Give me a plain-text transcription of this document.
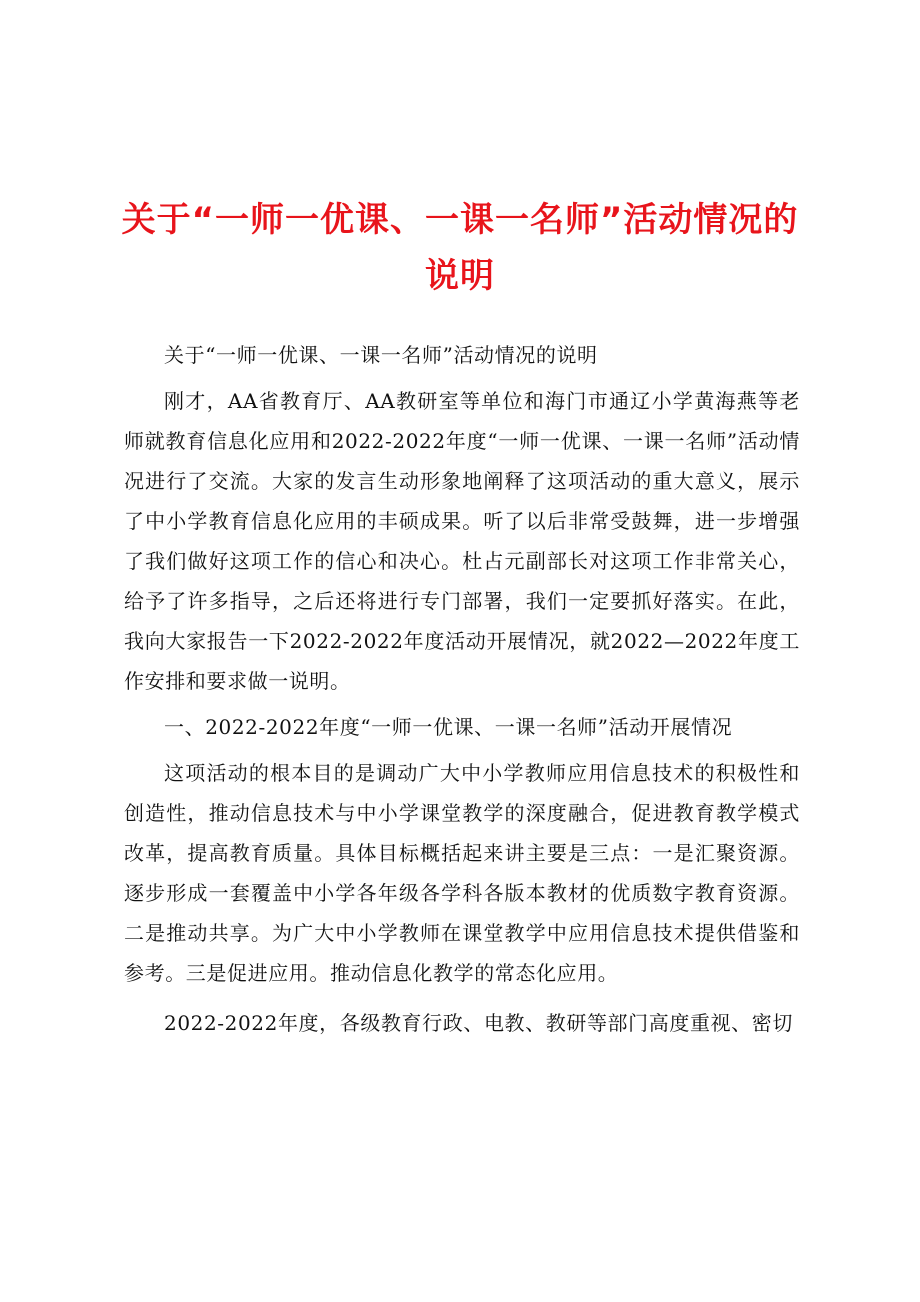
关于“一师一优课、一课一名师”活动情况的
说明

关于“一师一优课、一课一名师”活动情况的说明

刚才，AA省教育厅、AA教研室等单位和海门市通辽小学黄海燕等老师就教育信息化应用和2022-2022年度“一师一优课、一课一名师”活动情况进行了交流。大家的发言生动形象地阐释了这项活动的重大意义，展示了中小学教育信息化应用的丰硕成果。听了以后非常受鼓舞，进一步增强了我们做好这项工作的信心和决心。杜占元副部长对这项工作非常关心，给予了许多指导，之后还将进行专门部署，我们一定要抓好落实。在此，我向大家报告一下2022-2022年度活动开展情况，就2022—2022年度工作安排和要求做一说明。

一、2022-2022年度“一师一优课、一课一名师”活动开展情况

这项活动的根本目的是调动广大中小学教师应用信息技术的积极性和创造性，推动信息技术与中小学课堂教学的深度融合，促进教育教学模式改革，提高教育质量。具体目标概括起来讲主要是三点：一是汇聚资源。逐步形成一套覆盖中小学各年级各学科各版本教材的优质数字教育资源。二是推动共享。为广大中小学教师在课堂教学中应用信息技术提供借鉴和参考。三是促进应用。推动信息化教学的常态化应用。

2022-2022年度，各级教育行政、电教、教研等部门高度重视、密切
